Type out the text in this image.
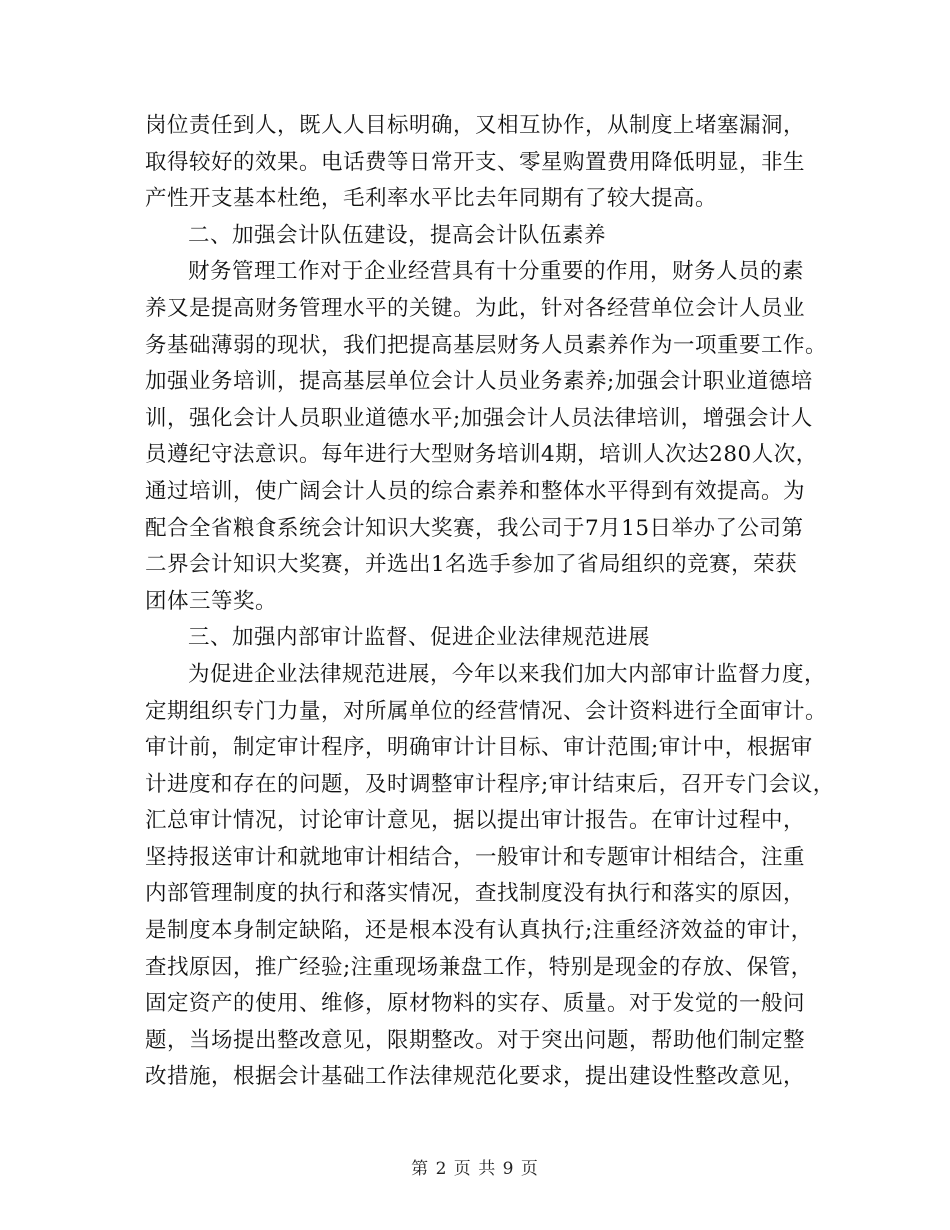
岗位责任到人，既人人目标明确，又相互协作，从制度上堵塞漏洞，
取得较好的效果。电话费等日常开支、零星购置费用降低明显，非生
产性开支基本杜绝，毛利率水平比去年同期有了较大提高。
二、加强会计队伍建设，提高会计队伍素养
财务管理工作对于企业经营具有十分重要的作用，财务人员的素
养又是提高财务管理水平的关键。为此，针对各经营单位会计人员业
务基础薄弱的现状，我们把提高基层财务人员素养作为一项重要工作。
加强业务培训，提高基层单位会计人员业务素养;加强会计职业道德培
训，强化会计人员职业道德水平;加强会计人员法律培训，增强会计人
员遵纪守法意识。每年进行大型财务培训4期，培训人次达280人次，
通过培训，使广阔会计人员的综合素养和整体水平得到有效提高。为
配合全省粮食系统会计知识大奖赛，我公司于7月15日举办了公司第
二界会计知识大奖赛，并选出1名选手参加了省局组织的竞赛，荣获
团体三等奖。
三、加强内部审计监督、促进企业法律规范进展
为促进企业法律规范进展，今年以来我们加大内部审计监督力度，
定期组织专门力量，对所属单位的经营情况、会计资料进行全面审计。
审计前，制定审计程序，明确审计计目标、审计范围;审计中，根据审
计进度和存在的问题，及时调整审计程序;审计结束后，召开专门会议，
汇总审计情况，讨论审计意见，据以提出审计报告。在审计过程中，
坚持报送审计和就地审计相结合，一般审计和专题审计相结合，注重
内部管理制度的执行和落实情况，查找制度没有执行和落实的原因，
是制度本身制定缺陷，还是根本没有认真执行;注重经济效益的审计，
查找原因，推广经验;注重现场兼盘工作，特别是现金的存放、保管，
固定资产的使用、维修，原材物料的实存、质量。对于发觉的一般问
题，当场提出整改意见，限期整改。对于突出问题，帮助他们制定整
改措施，根据会计基础工作法律规范化要求，提出建设性整改意见，
第 2 页 共 9 页
